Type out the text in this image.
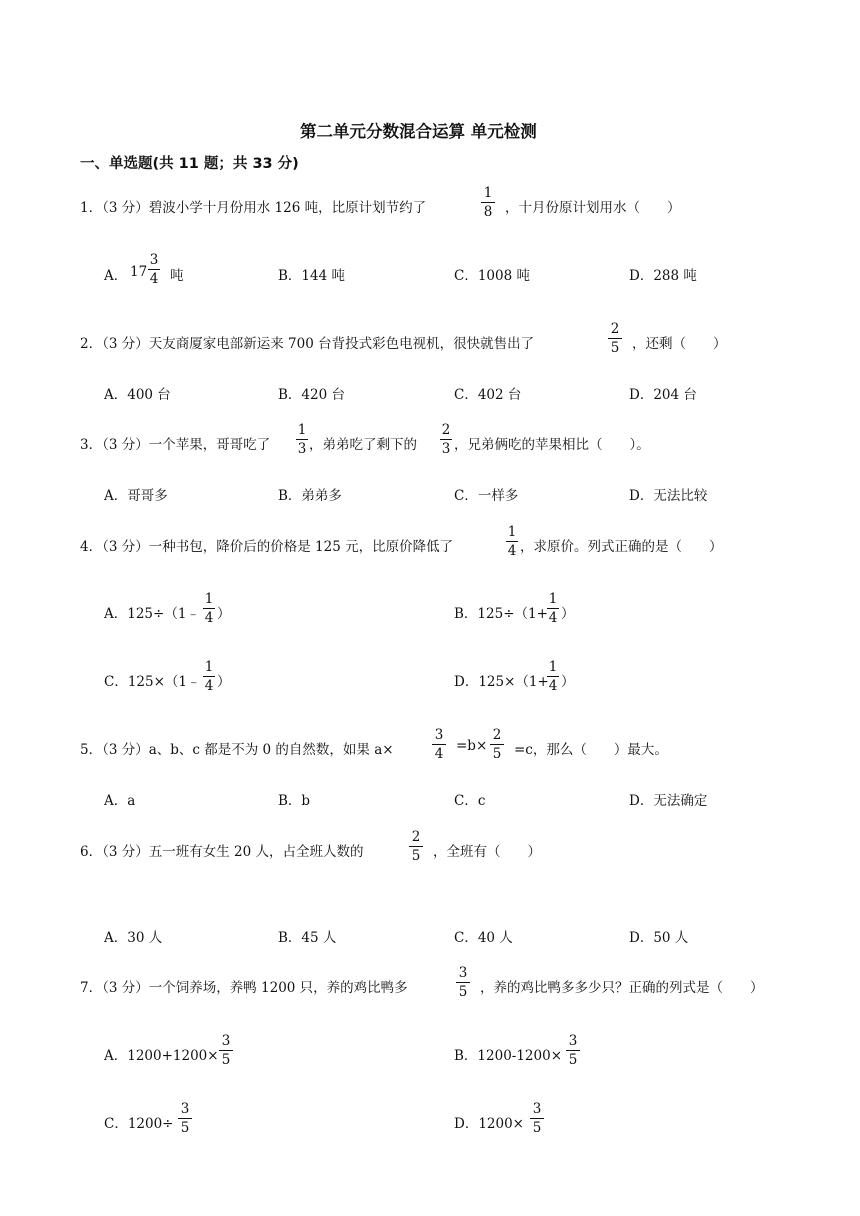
第二单元分数混合运算 单元检测
一、单选题(共 11 题；共 33 分)
1．（3 分）碧波小学十月份用水 126 吨，比原计划节约了
1
8 ，十月份原计划用水（　　）
A． 17
3
4 吨	B．144 吨	C．1008 吨	D．288 吨
2．（3 分）天友商厦家电部新运来 700 台背投式彩色电视机，很快就售出了
2
5 ，还剩（　　）
A．400 台	B．420 台	C．402 台	D．204 台
3．（3 分）一个苹果，哥哥吃了
1
3 ，弟弟吃了剩下的
2
3 ，兄弟俩吃的苹果相比（　　）。
A．哥哥多	B．弟弟多	C．一样多	D．无法比较
4．（3 分）一种书包，降价后的价格是 125 元，比原价降低了
1
4 ，求原价。列式正确的是（　　）
A．125÷（1﹣
1
4 ）	B．125÷（1+
1
4 ）
C．125×（1﹣
1
4 ）	D．125×（1+
1
4 ）
5．（3 分）a、b、c 都是不为 0 的自然数，如果 a×
3
4 =b×
2
5 =c，那么（　　）最大。
A．a	B．b	C．c	D．无法确定
6．（3 分）五一班有女生 20 人，占全班人数的
2
5 ，全班有（　　）
A．30 人	B．45 人	C．40 人	D．50 人
7．（3 分）一个饲养场，养鸭 1200 只，养的鸡比鸭多
3
5 ，养的鸡比鸭多多少只？正确的列式是（　　）
A．1200+1200×
3
5	B．1200-1200×
3
5
C．1200÷
3
5	D．1200×
3
5
